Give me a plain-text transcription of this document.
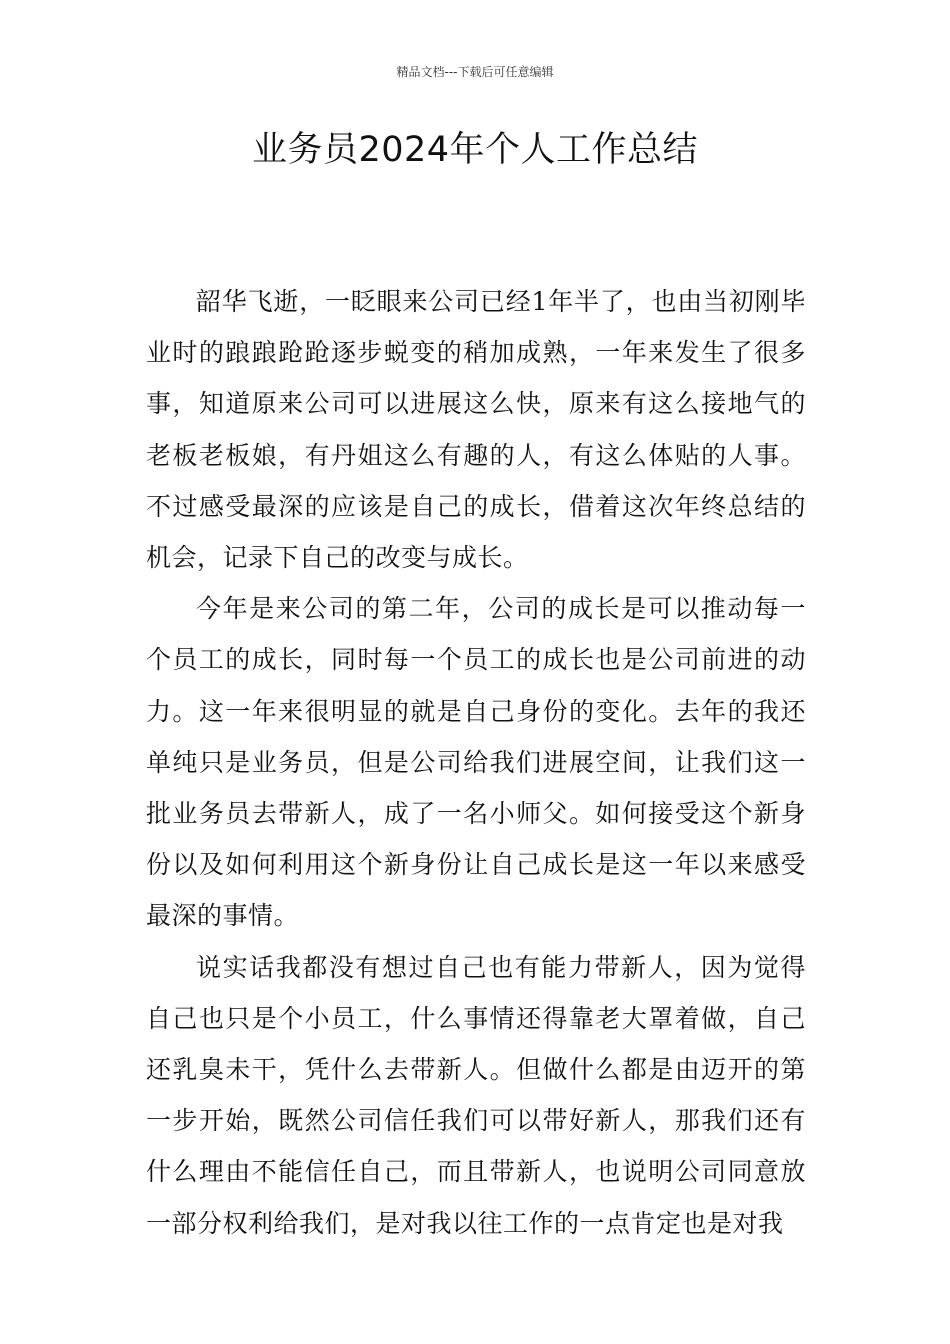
精品文档---下载后可任意编辑
业务员2024年个人工作总结

韶华飞逝，一眨眼来公司已经1年半了，也由当初刚毕业时的踉踉跄跄逐步蜕变的稍加成熟，一年来发生了很多事，知道原来公司可以进展这么快，原来有这么接地气的老板老板娘，有丹姐这么有趣的人，有这么体贴的人事。不过感受最深的应该是自己的成长，借着这次年终总结的机会，记录下自己的改变与成长。

今年是来公司的第二年，公司的成长是可以推动每一个员工的成长，同时每一个员工的成长也是公司前进的动力。这一年来很明显的就是自己身份的变化。去年的我还单纯只是业务员，但是公司给我们进展空间，让我们这一批业务员去带新人，成了一名小师父。如何接受这个新身份以及如何利用这个新身份让自己成长是这一年以来感受最深的事情。

说实话我都没有想过自己也有能力带新人，因为觉得自己也只是个小员工，什么事情还得靠老大罩着做，自己还乳臭未干，凭什么去带新人。但做什么都是由迈开的第一步开始，既然公司信任我们可以带好新人，那我们还有什么理由不能信任自己，而且带新人，也说明公司同意放一部分权利给我们，是对我以往工作的一点肯定也是对我
